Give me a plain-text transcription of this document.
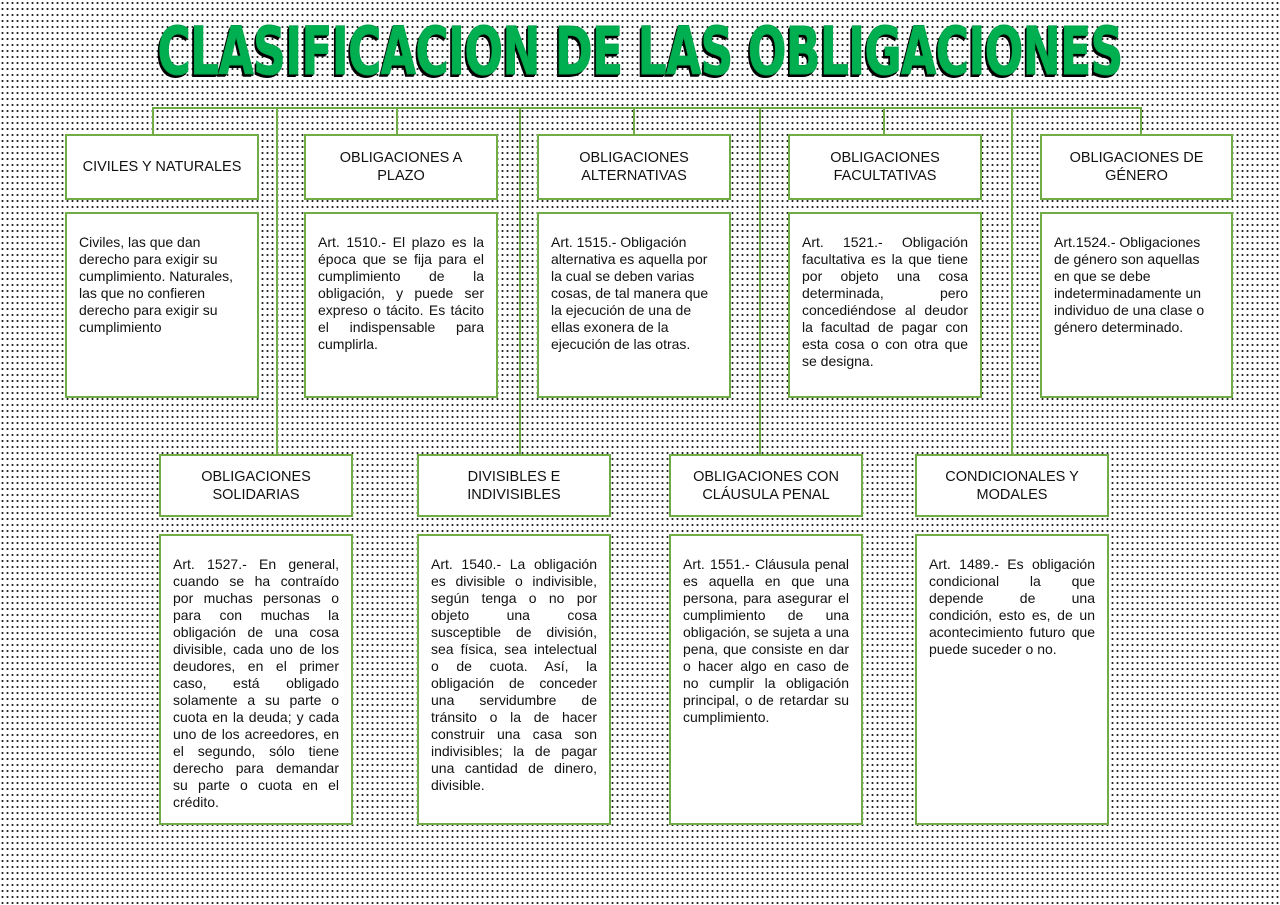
CLASIFICACION DE LAS OBLIGACIONES
CIVILES Y NATURALES
Civiles, las que dan derecho para exigir su cumplimiento. Naturales, las que no confieren derecho para exigir su cumplimiento
OBLIGACIONES A PLAZO
Art. 1510.- El plazo es la época que se fija para el cumplimiento de la obligación, y puede ser expreso o tácito. Es tácito el indispensable para cumplirla.
OBLIGACIONES ALTERNATIVAS
Art. 1515.- Obligación alternativa es aquella por la cual se deben varias cosas, de tal manera que la ejecución de una de ellas exonera de la ejecución de las otras.
OBLIGACIONES FACULTATIVAS
Art. 1521.- Obligación facultativa es la que tiene por objeto una cosa determinada, pero concediéndose al deudor la facultad de pagar con esta cosa o con otra que se designa.
OBLIGACIONES DE GÉNERO
Art.1524.- Obligaciones de género son aquellas en que se debe indeterminadamente un individuo de una clase o género determinado.
OBLIGACIONES SOLIDARIAS
Art. 1527.- En general, cuando se ha contraído por muchas personas o para con muchas la obligación de una cosa divisible, cada uno de los deudores, en el primer caso, está obligado solamente a su parte o cuota en la deuda; y cada uno de los acreedores, en el segundo, sólo tiene derecho para demandar su parte o cuota en el crédito.
DIVISIBLES E INDIVISIBLES
Art. 1540.- La obligación es divisible o indivisible, según tenga o no por objeto una cosa susceptible de división, sea física, sea intelectual o de cuota. Así, la obligación de conceder una servidumbre de tránsito o la de hacer construir una casa son indivisibles; la de pagar una cantidad de dinero, divisible.
OBLIGACIONES CON CLÁUSULA PENAL
Art. 1551.- Cláusula penal es aquella en que una persona, para asegurar el cumplimiento de una obligación, se sujeta a una pena, que consiste en dar o hacer algo en caso de no cumplir la obligación principal, o de retardar su cumplimiento.
CONDICIONALES Y MODALES
Art. 1489.- Es obligación condicional la que depende de una condición, esto es, de un acontecimiento futuro que puede suceder o no.
